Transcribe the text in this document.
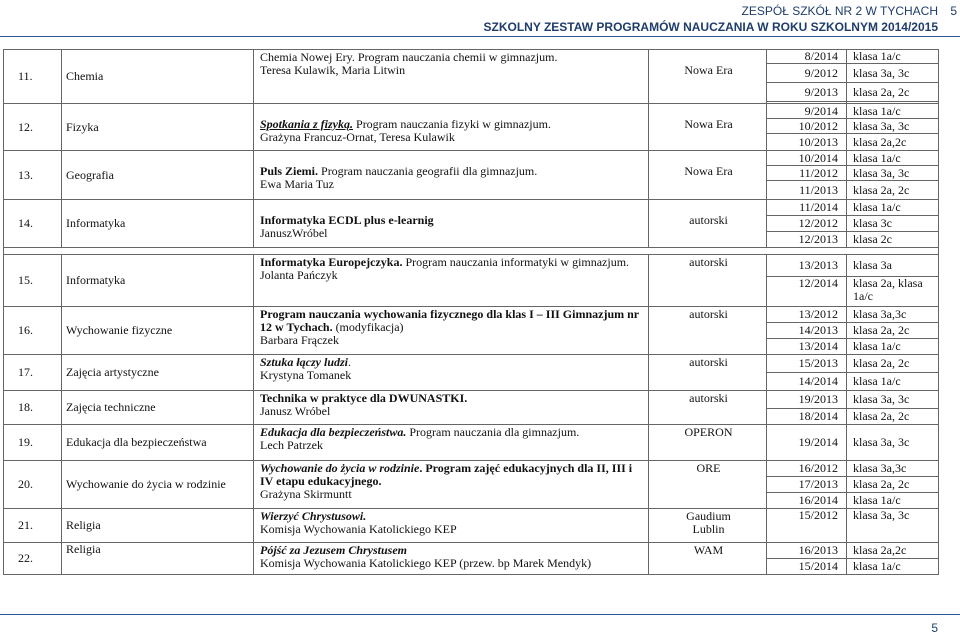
ZESPÓŁ SZKÓŁ NR 2 W TYCHACH 5
SZKOLNY ZESTAW PROGRAMÓW NAUCZANIA W ROKU SZKOLNYM 2014/2015
11.	Chemia	Chemia Nowej Ery. Program nauczania chemii w gimnazjum.
Teresa Kulawik, Maria Litwin	Nowa Era	8/2014	klasa 1a/c
				9/2012	klasa 3a, 3c
				9/2013	klasa 2a, 2c

12.	Fizyka	Spotkania z fizyką. Program nauczania fizyki w gimnazjum.
Grażyna Francuz-Ornat, Teresa Kulawik	Nowa Era	9/2014	klasa 1a/c
				10/2012	klasa 3a, 3c
				10/2013	klasa 2a,2c
13.	Geografia	Puls Ziemi. Program nauczania geografii dla gimnazjum.
Ewa Maria Tuz	Nowa Era	10/2014	klasa 1a/c
				11/2012	klasa 3a, 3c
				11/2013	klasa 2a, 2c
14.	Informatyka	Informatyka ECDL plus e-learnig
JanuszWróbel	autorski	11/2014	klasa 1a/c
				12/2012	klasa 3c
				12/2013	klasa 2c

15.	Informatyka	Informatyka Europejczyka. Program nauczania informatyki w gimnazjum.
Jolanta Pańczyk	autorski	13/2013	klasa 3a
				12/2014	klasa 2a, klasa 1a/c
16.	Wychowanie fizyczne	Program nauczania wychowania fizycznego dla klas I – III Gimnazjum nr 12 w Tychach. (modyfikacja)
Barbara Frączek	autorski	13/2012	klasa 3a,3c
				14/2013	klasa 2a, 2c
				13/2014	klasa 1a/c
17.	Zajęcia artystyczne	Sztuka łączy ludzi.
Krystyna Tomanek	autorski	15/2013	klasa 2a, 2c
				14/2014	klasa 1a/c
18.	Zajęcia techniczne	Technika w praktyce dla DWUNASTKI.
Janusz Wróbel	autorski	19/2013	klasa 3a, 3c
				18/2014	klasa 2a, 2c
19.	Edukacja dla bezpieczeństwa	Edukacja dla bezpieczeństwa. Program nauczania dla gimnazjum.
Lech Patrzek	OPERON	19/2014	klasa 3a, 3c
20.	Wychowanie do życia w rodzinie	Wychowanie do życia w rodzinie. Program zajęć edukacyjnych dla II, III i IV etapu edukacyjnego.
Grażyna Skirmuntt	ORE	16/2012	klasa 3a,3c
				17/2013	klasa 2a, 2c
				16/2014	klasa 1a/c
21.	Religia	Wierzyć Chrystusowi.
Komisja Wychowania Katolickiego KEP	Gaudium
Lublin	15/2012	klasa 3a, 3c
22.	Religia	Pójść za Jezusem Chrystusem
Komisja Wychowania Katolickiego KEP (przew. bp Marek Mendyk)	WAM	16/2013	klasa 2a,2c
				15/2014	klasa 1a/c
5
